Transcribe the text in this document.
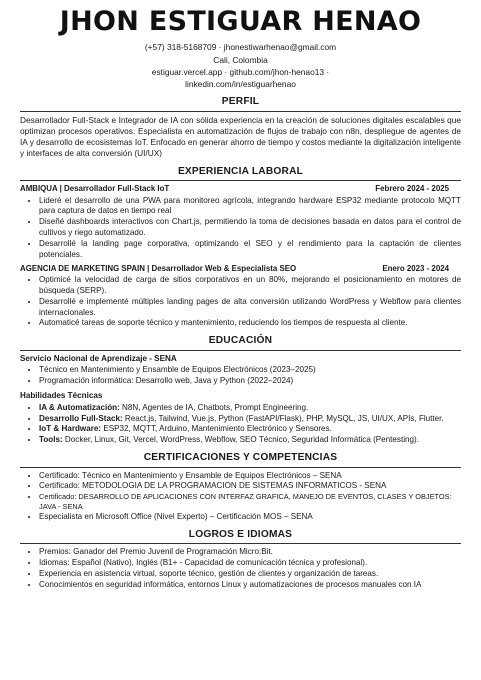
JHON ESTIGUAR HENAO
(+57) 318-5168709 · jhonestiwarhenao@gmail.com
Cali, Colombia
estiguar.vercel.app · github.com/jhon-henao13 ·
linkedin.com/in/estiguarhenao
PERFIL
Desarrollador Full-Stack e Integrador de IA con sólida experiencia en la creación de soluciones digitales escalables que optimizan procesos operativos. Especialista en automatización de flujos de trabajo con n8n, despliegue de agentes de IA y desarrollo de ecosistemas IoT. Enfocado en generar ahorro de tiempo y costos mediante la digitalización inteligente y interfaces de alta conversión (UI/UX)
EXPERIENCIA LABORAL
AMBIQUA | Desarrollador Full-Stack IoT	Febrero 2024 - 2025
• Lideré el desarrollo de una PWA para monitoreo agrícola, integrando hardware ESP32 mediante protocolo MQTT para captura de datos en tiempo real
• Diseñé dashboards interactivos con Chart.js, permitiendo la toma de decisiones basada en datos para el control de cultivos y riego automatizado.
• Desarrollé la landing page corporativa, optimizando el SEO y el rendimiento para la captación de clientes potenciales.
AGENCIA DE MARKETING SPAIN | Desarrollador Web & Especialista SEO	Enero 2023 - 2024
• Optimicé la velocidad de carga de sitios corporativos en un 80%, mejorando el posicionamiento en motores de búsqueda (SERP).
• Desarrollé e implementé múltiples landing pages de alta conversión utilizando WordPress y Webflow para clientes internacionales.
• Automaticé tareas de soporte técnico y mantenimiento, reduciendo los tiempos de respuesta al cliente.
EDUCACIÓN
Servicio Nacional de Aprendizaje - SENA
• Técnico en Mantenimiento y Ensamble de Equipos Electrónicos (2023–2025)
• Programación informática: Desarrollo web, Java y Python (2022–2024)
Habilidades Técnicas
• IA & Automatización: N8N, Agentes de IA, Chatbots, Prompt Engineering.
• Desarrollo Full-Stack: React.js, Tailwind, Vue.js, Python (FastAPI/Flask), PHP, MySQL, JS, UI/UX, APIs, Flutter.
• IoT & Hardware: ESP32, MQTT, Arduino, Mantenimiento Electrónico y Sensores.
• Tools: Docker, Linux, Git, Vercel, WordPress, Webflow, SEO Técnico, Seguridad Informática (Pentesting).
CERTIFICACIONES Y COMPETENCIAS
• Certificado: Técnico en Mantenimiento y Ensamble de Equipos Electrónicos – SENA
• Certificado: METODOLOGIA DE LA PROGRAMACION DE SISTEMAS INFORMATICOS - SENA
• Certificado: DESARROLLO DE APLICACIONES CON INTERFAZ GRAFICA, MANEJO DE EVENTOS, CLASES Y OBJETOS: JAVA - SENA
• Especialista en Microsoft Office (Nivel Experto) – Certificación MOS – SENA
LOGROS E IDIOMAS
• Premios: Ganador del Premio Juvenil de Programación Micro:Bit.
• Idiomas: Español (Nativo), Inglés (B1+ - Capacidad de comunicación técnica y profesional).
• Experiencia en asistencia virtual, soporte técnico, gestión de clientes y organización de tareas.
• Conocimientos en seguridad informática, entornos Linux y automatizaciones de procesos manuales con IA
